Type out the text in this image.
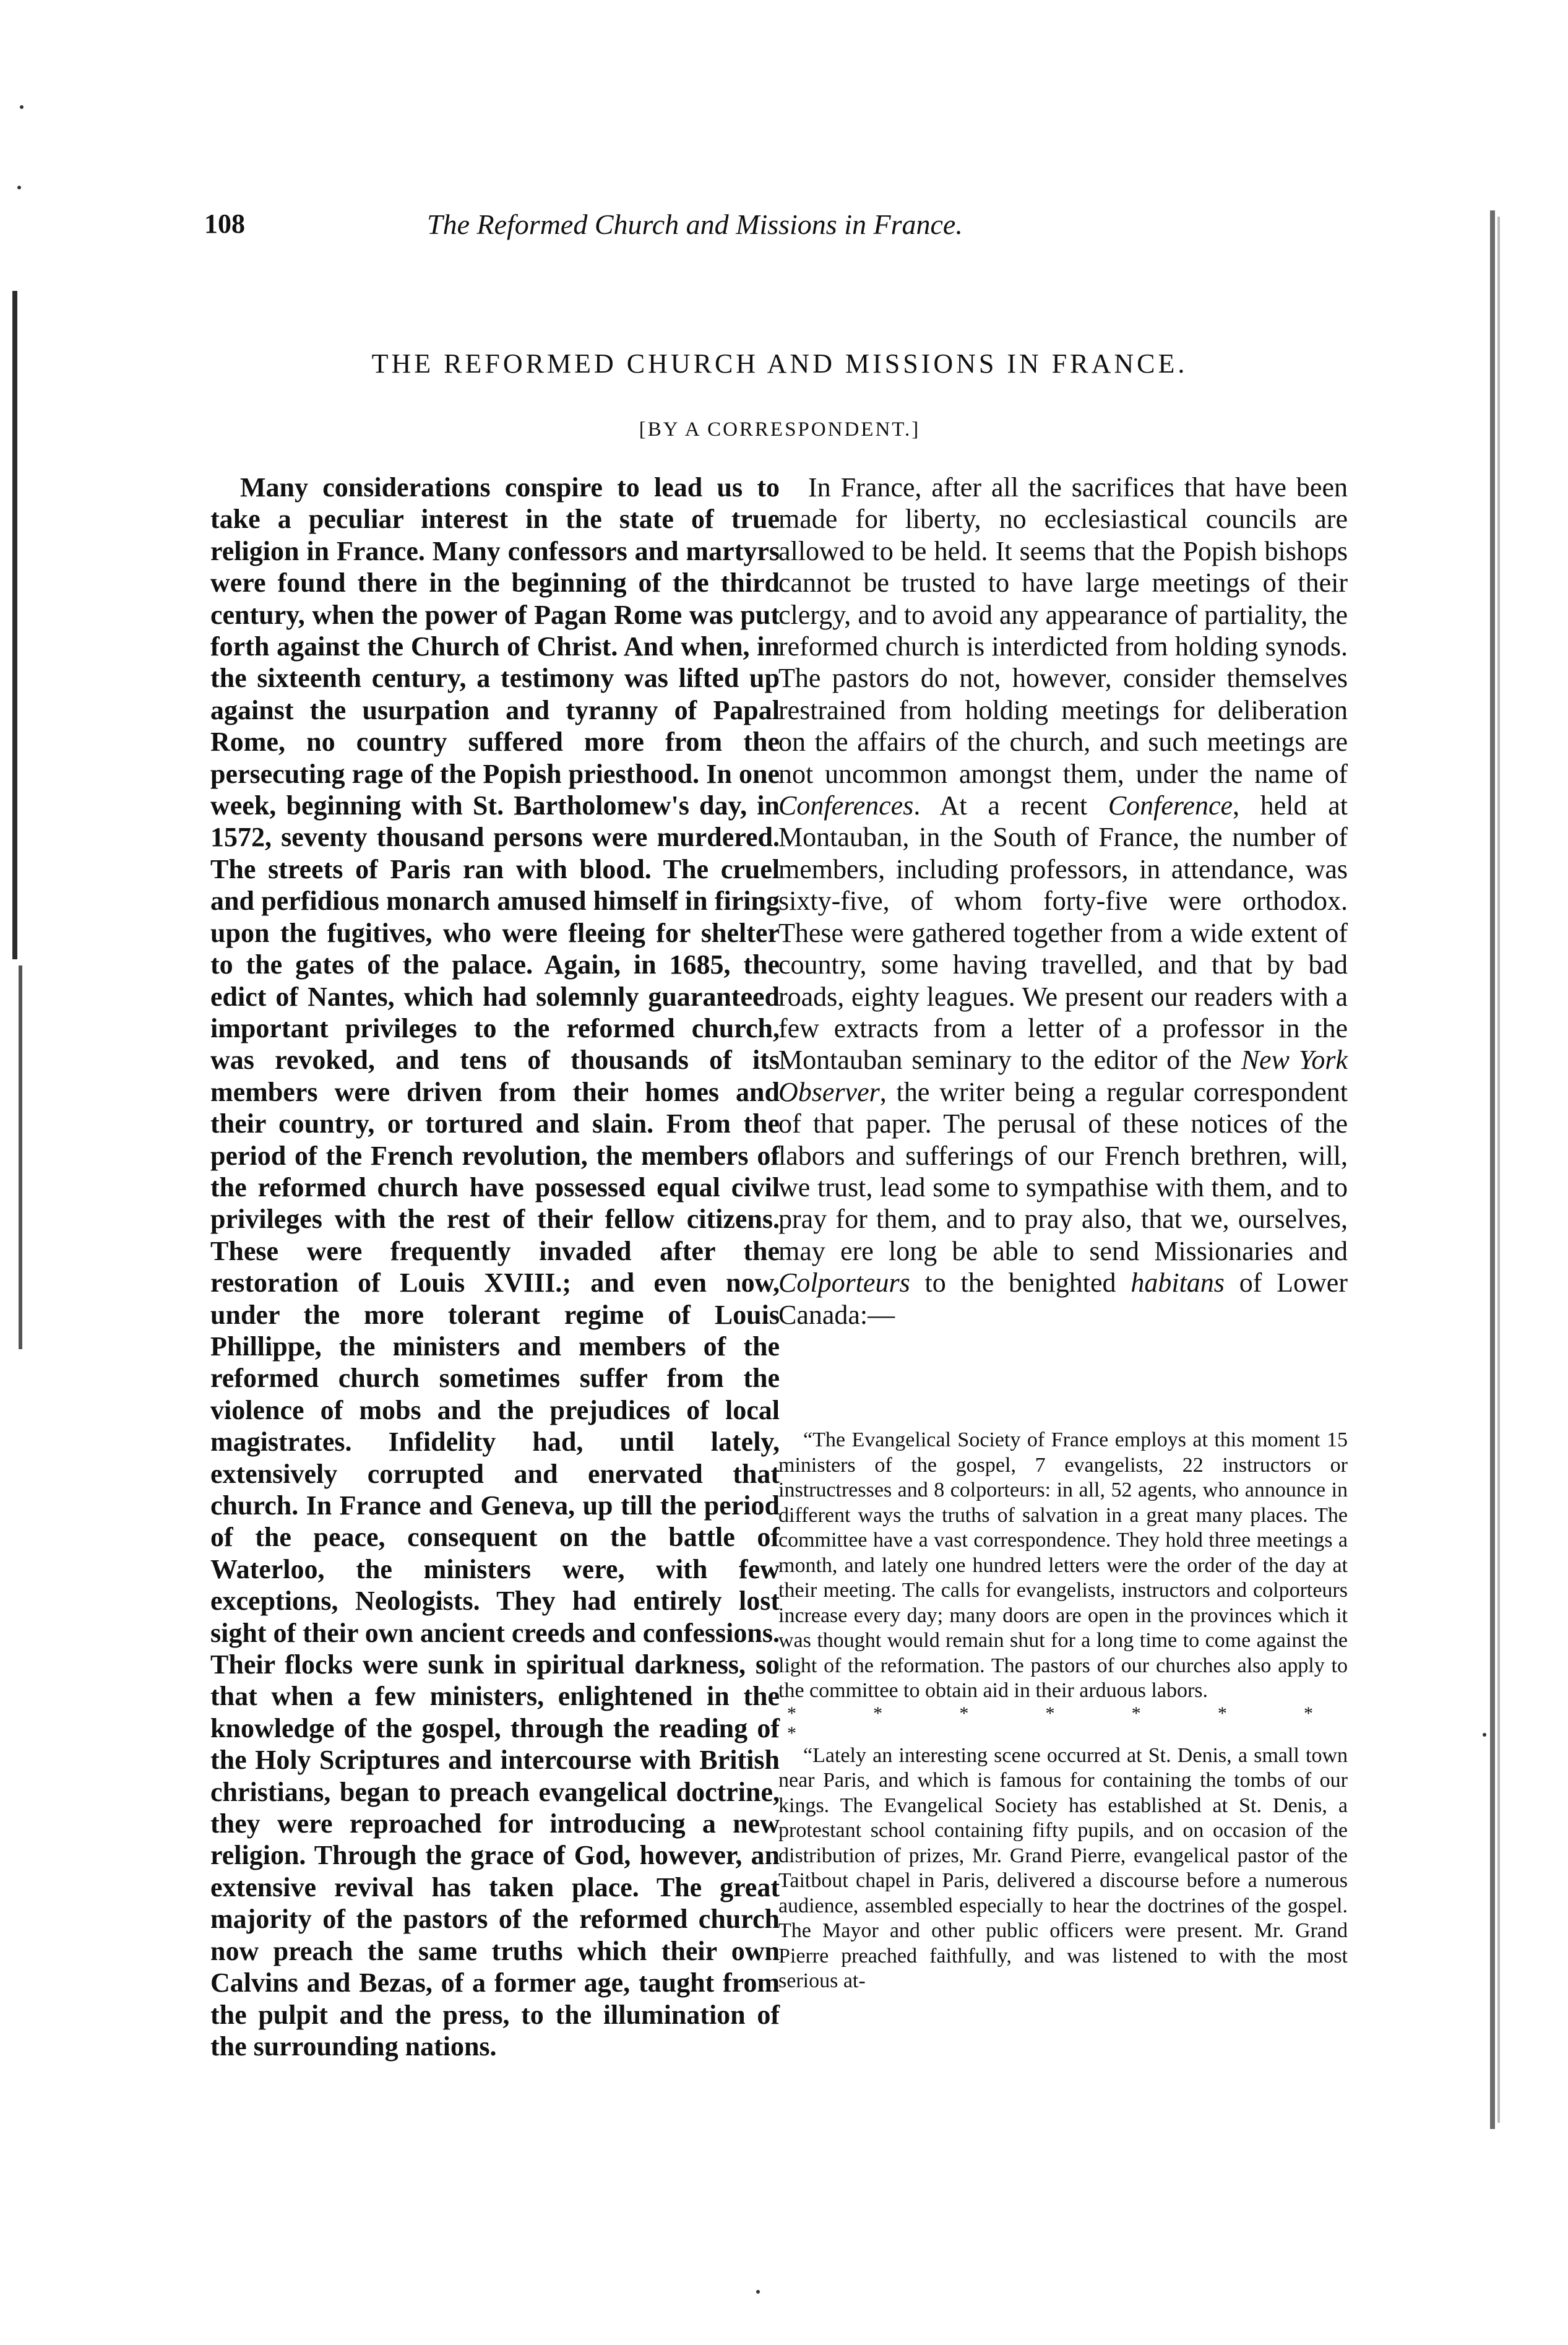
108	The Reformed Church and Missions in France.
THE REFORMED CHURCH AND MISSIONS IN FRANCE.
[BY A CORRESPONDENT.]

Many considerations conspire to lead us to take a peculiar interest in the state of true religion in France. Many confessors and martyrs were found there in the beginning of the third century, when the power of Pagan Rome was put forth against the Church of Christ. And when, in the sixteenth century, a testimony was lifted up against the usurpation and tyranny of Papal Rome, no country suffered more from the persecuting rage of the Popish priesthood. In one week, beginning with St. Bartholomew's day, in 1572, seventy thousand persons were murdered. The streets of Paris ran with blood. The cruel and perfidious monarch amused himself in firing upon the fugitives, who were fleeing for shelter to the gates of the palace. Again, in 1685, the edict of Nantes, which had solemnly guaranteed important privileges to the reformed church, was revoked, and tens of thousands of its members were driven from their homes and their country, or tortured and slain. From the period of the French revolution, the members of the reformed church have possessed equal civil privileges with the rest of their fellow citizens. These were frequently invaded after the restoration of Louis XVIII.; and even now, under the more tolerant regime of Louis Phillippe, the ministers and members of the reformed church sometimes suffer from the violence of mobs and the prejudices of local magistrates. Infidelity had, until lately, extensively corrupted and enervated that church. In France and Geneva, up till the period of the peace, consequent on the battle of Waterloo, the ministers were, with few exceptions, Neologists. They had entirely lost sight of their own ancient creeds and confessions. Their flocks were sunk in spiritual darkness, so that when a few ministers, enlightened in the knowledge of the gospel, through the reading of the Holy Scriptures and intercourse with British christians, began to preach evangelical doctrine, they were reproached for introducing a new religion. Through the grace of God, however, an extensive revival has taken place. The great majority of the pastors of the reformed church now preach the same truths which their own Calvins and Bezas, of a former age, taught from the pulpit and the press, to the illumination of the surrounding nations.

In France, after all the sacrifices that have been made for liberty, no ecclesiastical councils are allowed to be held. It seems that the Popish bishops cannot be trusted to have large meetings of their clergy, and to avoid any appearance of partiality, the reformed church is interdicted from holding synods. The pastors do not, however, consider themselves restrained from holding meetings for deliberation on the affairs of the church, and such meetings are not uncommon amongst them, under the name of Conferences. At a recent Conference, held at Montauban, in the South of France, the number of members, including professors, in attendance, was sixty-five, of whom forty-five were orthodox. These were gathered together from a wide extent of country, some having travelled, and that by bad roads, eighty leagues. We present our readers with a few extracts from a letter of a professor in the Montauban seminary to the editor of the New York Observer, the writer being a regular correspondent of that paper. The perusal of these notices of the labors and sufferings of our French brethren, will, we trust, lead some to sympathise with them, and to pray for them, and to pray also, that we, ourselves, may ere long be able to send Missionaries and Colporteurs to the benighted habitans of Lower Canada:—

“The Evangelical Society of France employs at this moment 15 ministers of the gospel, 7 evangelists, 22 instructors or instructresses and 8 colporteurs: in all, 52 agents, who announce in different ways the truths of salvation in a great many places. The committee have a vast correspondence. They hold three meetings a month, and lately one hundred letters were the order of the day at their meeting. The calls for evangelists, instructors and colporteurs increase every day; many doors are open in the provinces which it was thought would remain shut for a long time to come against the light of the reformation. The pastors of our churches also apply to the committee to obtain aid in their arduous labors.

* * * * * * * *

“Lately an interesting scene occurred at St. Denis, a small town near Paris, and which is famous for containing the tombs of our kings. The Evangelical Society has established at St. Denis, a protestant school containing fifty pupils, and on occasion of the distribution of prizes, Mr. Grand Pierre, evangelical pastor of the Taitbout chapel in Paris, delivered a discourse before a numerous audience, assembled especially to hear the doctrines of the gospel. The Mayor and other public officers were present. Mr. Grand Pierre preached faithfully, and was listened to with the most serious at-
